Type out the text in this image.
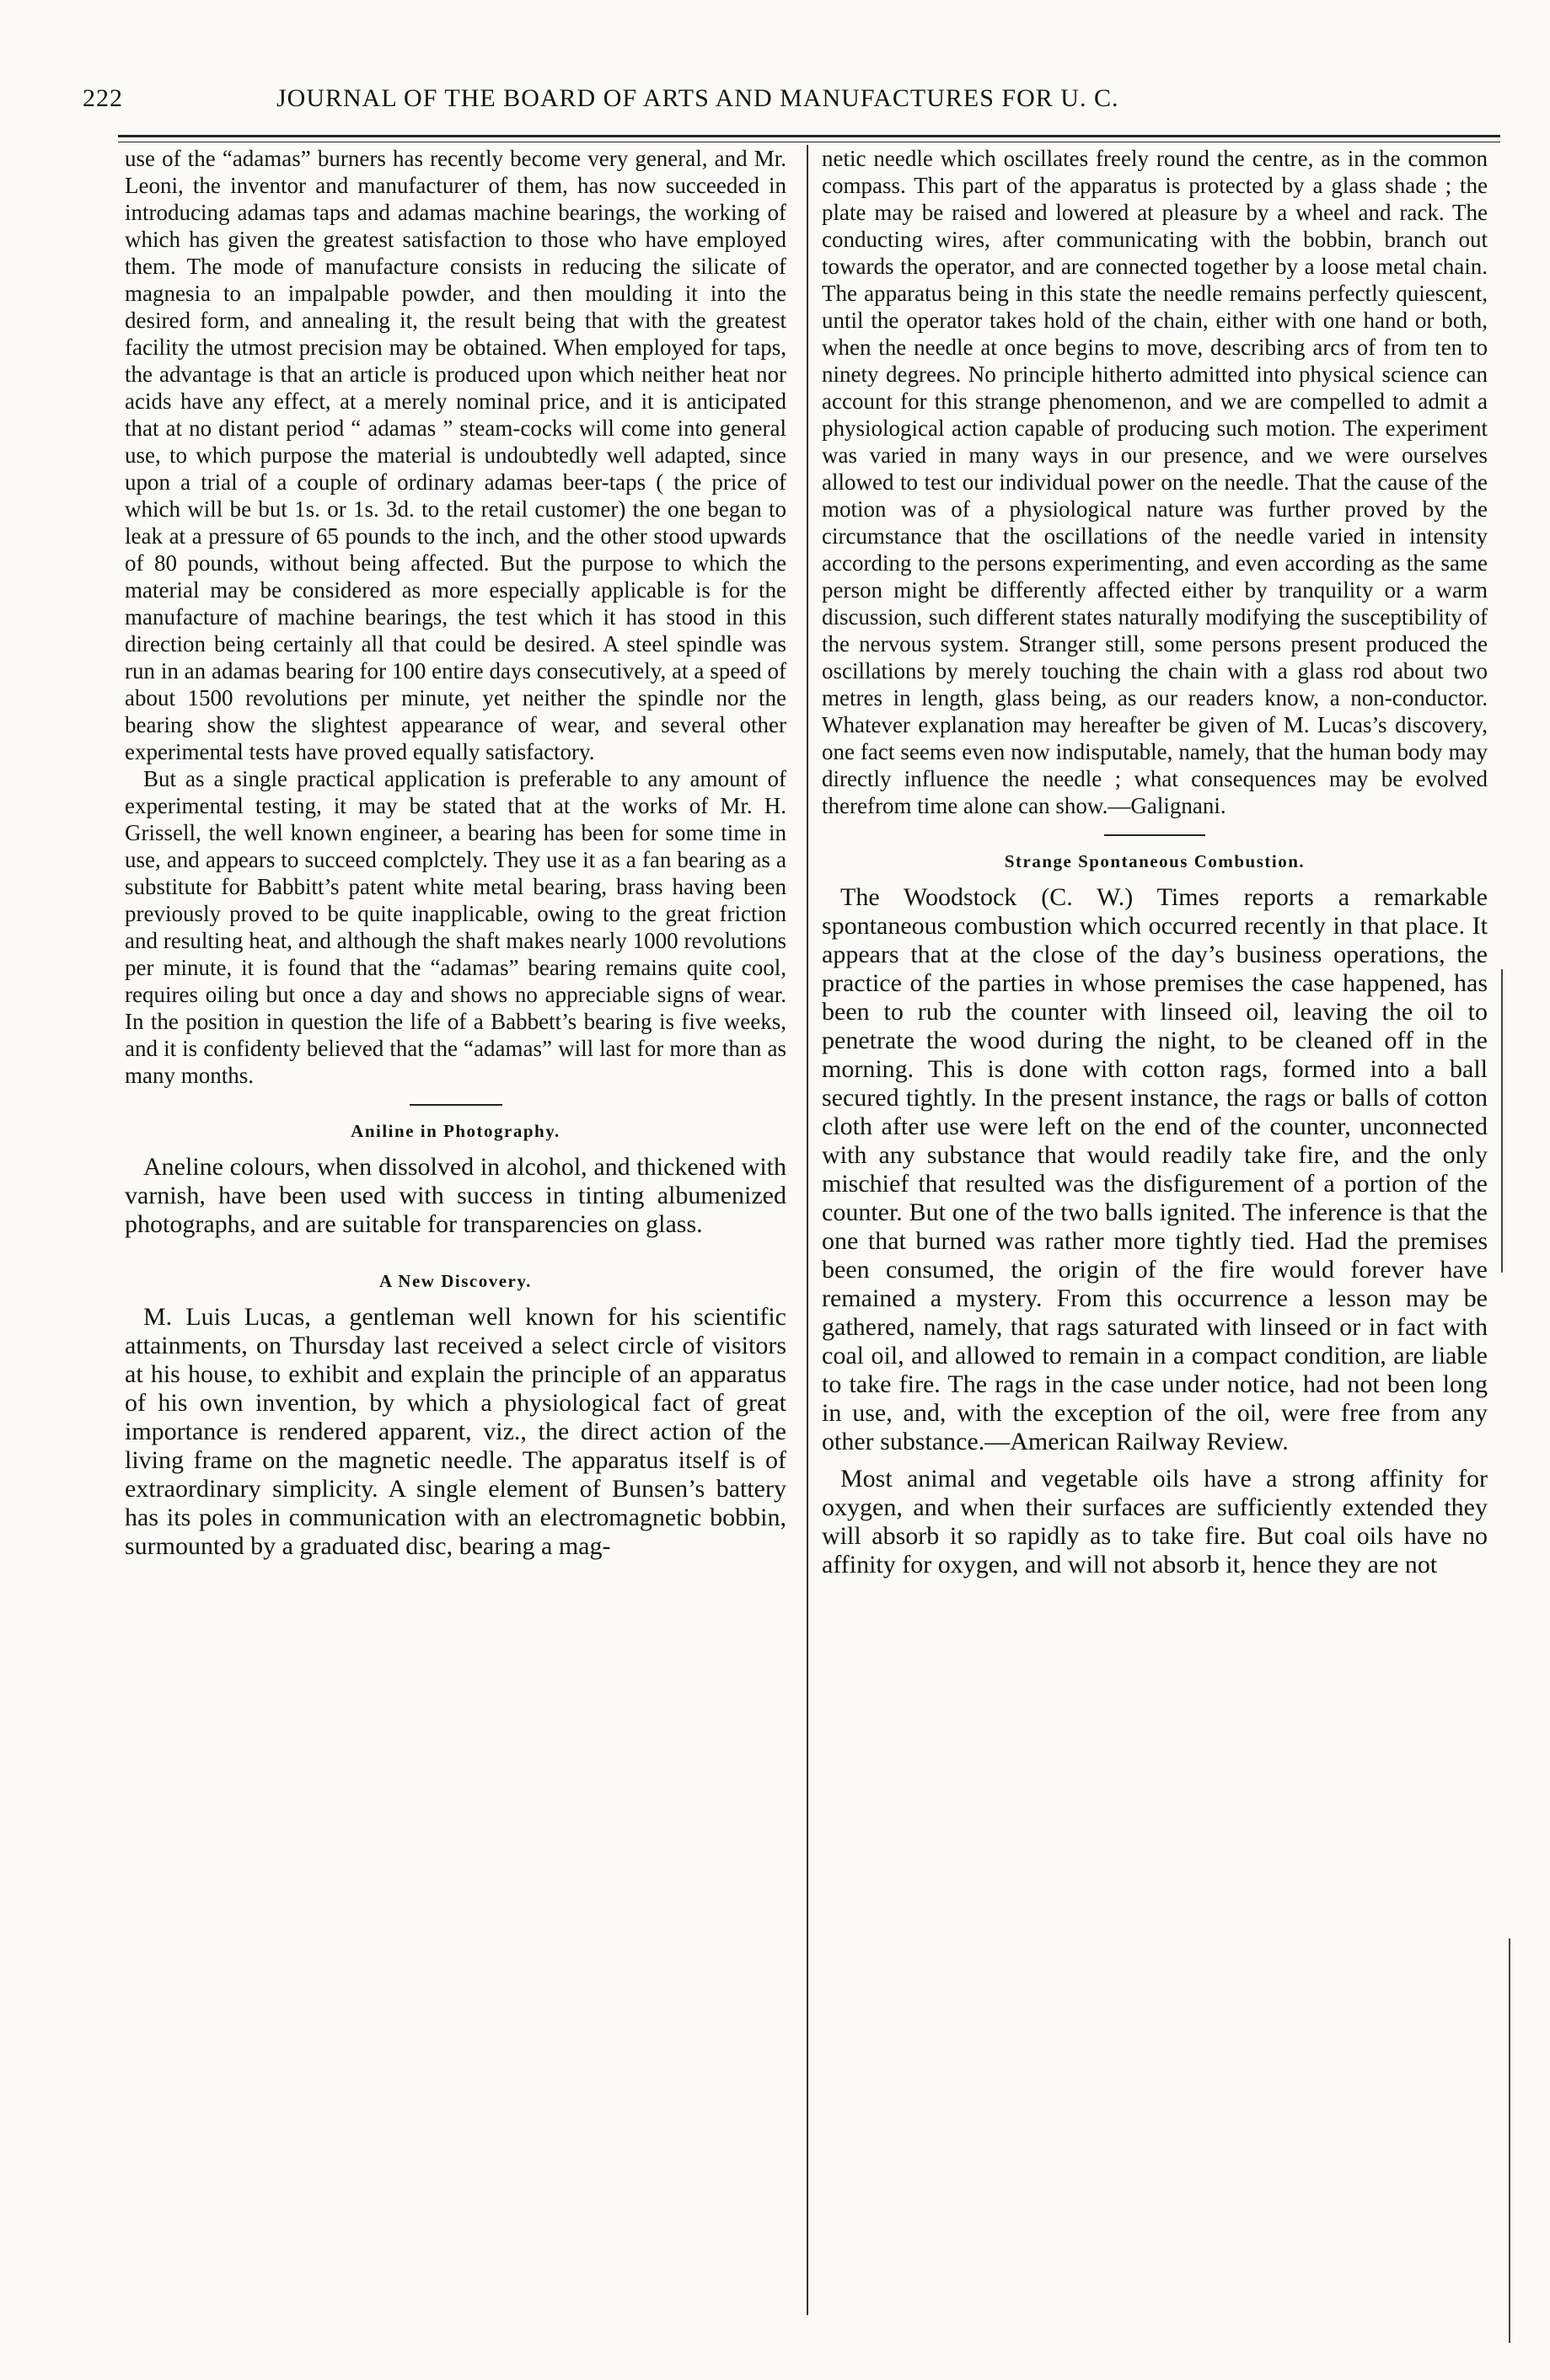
222	JOURNAL OF THE BOARD OF ARTS AND MANUFACTURES FOR U. C.

use of the “adamas” burners has recently become very general, and Mr. Leoni, the inventor and manufacturer of them, has now succeeded in introducing adamas taps and adamas machine bearings, the working of which has given the greatest satisfaction to those who have employed them. The mode of manufacture consists in reducing the silicate of magnesia to an impalpable powder, and then moulding it into the desired form, and annealing it, the result being that with the greatest facility the utmost precision may be obtained. When employed for taps, the advantage is that an article is produced upon which neither heat nor acids have any effect, at a merely nominal price, and it is anticipated that at no distant period “ adamas ” steam-cocks will come into general use, to which purpose the material is undoubtedly well adapted, since upon a trial of a couple of ordinary adamas beer-taps ( the price of which will be but 1s. or 1s. 3d. to the retail customer) the one began to leak at a pressure of 65 pounds to the inch, and the other stood upwards of 80 pounds, without being affected. But the purpose to which the material may be considered as more especially applicable is for the manufacture of machine bearings, the test which it has stood in this direction being certainly all that could be desired. A steel spindle was run in an adamas bearing for 100 entire days consecutively, at a speed of about 1500 revolutions per minute, yet neither the spindle nor the bearing show the slightest appearance of wear, and several other experimental tests have proved equally satisfactory.

But as a single practical application is preferable to any amount of experimental testing, it may be stated that at the works of Mr. H. Grissell, the well known engineer, a bearing has been for some time in use, and appears to succeed complctely. They use it as a fan bearing as a substitute for Babbitt’s patent white metal bearing, brass having been previously proved to be quite inapplicable, owing to the great friction and resulting heat, and although the shaft makes nearly 1000 revolutions per minute, it is found that the “adamas” bearing remains quite cool, requires oiling but once a day and shows no appreciable signs of wear. In the position in question the life of a Babbett’s bearing is five weeks, and it is confidenty believed that the “adamas” will last for more than as many months.

Aniline in Photography.

Aneline colours, when dissolved in alcohol, and thickened with varnish, have been used with success in tinting albumenized photographs, and are suitable for transparencies on glass.

A New Discovery.

M. Luis Lucas, a gentleman well known for his scientific attainments, on Thursday last received a select circle of visitors at his house, to exhibit and explain the principle of an apparatus of his own invention, by which a physiological fact of great importance is rendered apparent, viz., the direct action of the living frame on the magnetic needle. The apparatus itself is of extraordinary simplicity. A single element of Bunsen’s battery has its poles in communication with an electromagnetic bobbin, surmounted by a graduated disc, bearing a mag-

netic needle which oscillates freely round the centre, as in the common compass. This part of the apparatus is protected by a glass shade ; the plate may be raised and lowered at pleasure by a wheel and rack. The conducting wires, after communicating with the bobbin, branch out towards the operator, and are connected together by a loose metal chain. The apparatus being in this state the needle remains perfectly quiescent, until the operator takes hold of the chain, either with one hand or both, when the needle at once begins to move, describing arcs of from ten to ninety degrees. No principle hitherto admitted into physical science can account for this strange phenomenon, and we are compelled to admit a physiological action capable of producing such motion. The experiment was varied in many ways in our presence, and we were ourselves allowed to test our individual power on the needle. That the cause of the motion was of a physiological nature was further proved by the circumstance that the oscillations of the needle varied in intensity according to the persons experimenting, and even according as the same person might be differently affected either by tranquility or a warm discussion, such different states naturally modifying the susceptibility of the nervous system. Stranger still, some persons present produced the oscillations by merely touching the chain with a glass rod about two metres in length, glass being, as our readers know, a non-conductor. Whatever explanation may hereafter be given of M. Lucas’s discovery, one fact seems even now indisputable, namely, that the human body may directly influence the needle ; what consequences may be evolved therefrom time alone can show.—Galignani.

Strange Spontaneous Combustion.

The Woodstock (C. W.) Times reports a remarkable spontaneous combustion which occurred recently in that place. It appears that at the close of the day’s business operations, the practice of the parties in whose premises the case happened, has been to rub the counter with linseed oil, leaving the oil to penetrate the wood during the night, to be cleaned off in the morning. This is done with cotton rags, formed into a ball secured tightly. In the present instance, the rags or balls of cotton cloth after use were left on the end of the counter, unconnected with any substance that would readily take fire, and the only mischief that resulted was the disfigurement of a portion of the counter. But one of the two balls ignited. The inference is that the one that burned was rather more tightly tied. Had the premises been consumed, the origin of the fire would forever have remained a mystery. From this occurrence a lesson may be gathered, namely, that rags saturated with linseed or in fact with coal oil, and allowed to remain in a compact condition, are liable to take fire. The rags in the case under notice, had not been long in use, and, with the exception of the oil, were free from any other substance.—American Railway Review.

Most animal and vegetable oils have a strong affinity for oxygen, and when their surfaces are sufficiently extended they will absorb it so rapidly as to take fire. But coal oils have no affinity for oxygen, and will not absorb it, hence they are not
